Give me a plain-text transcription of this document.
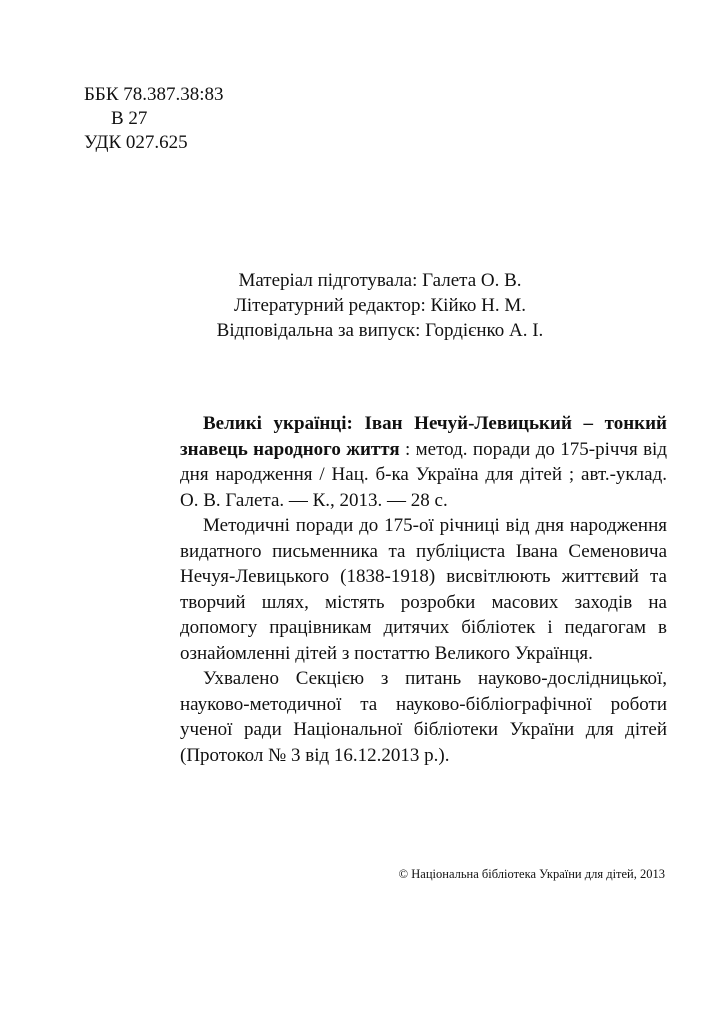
ББК 78.387.38:83
В 27
УДК 027.625
Матеріал підготувала: Галета О. В.
Літературний редактор: Кійко Н. М.
Відповідальна за випуск: Гордієнко А. І.

Великі українці: Іван Нечуй-Левицький – тонкий знавець народного життя : метод. поради до 175-річчя від дня народження / Нац. б-ка Україна для дітей ; авт.-уклад. О. В. Галета. — К., 2013. — 28 с.

Методичні поради до 175-ої річниці від дня народження видатного письменника та публіциста Івана Семеновича Нечуя-Левицького (1838-1918) висвітлюють життєвий та творчий шлях, містять розробки масових заходів на допомогу працівникам дитячих бібліотек і педагогам в ознайомленні дітей з постаттю Великого Українця.

Ухвалено Секцією з питань науково-дослідницької, науково-методичної та науково-бібліографічної роботи ученої ради Національної бібліотеки України для дітей (Протокол № 3 від 16.12.2013 р.).

© Національна бібліотека України для дітей, 2013
